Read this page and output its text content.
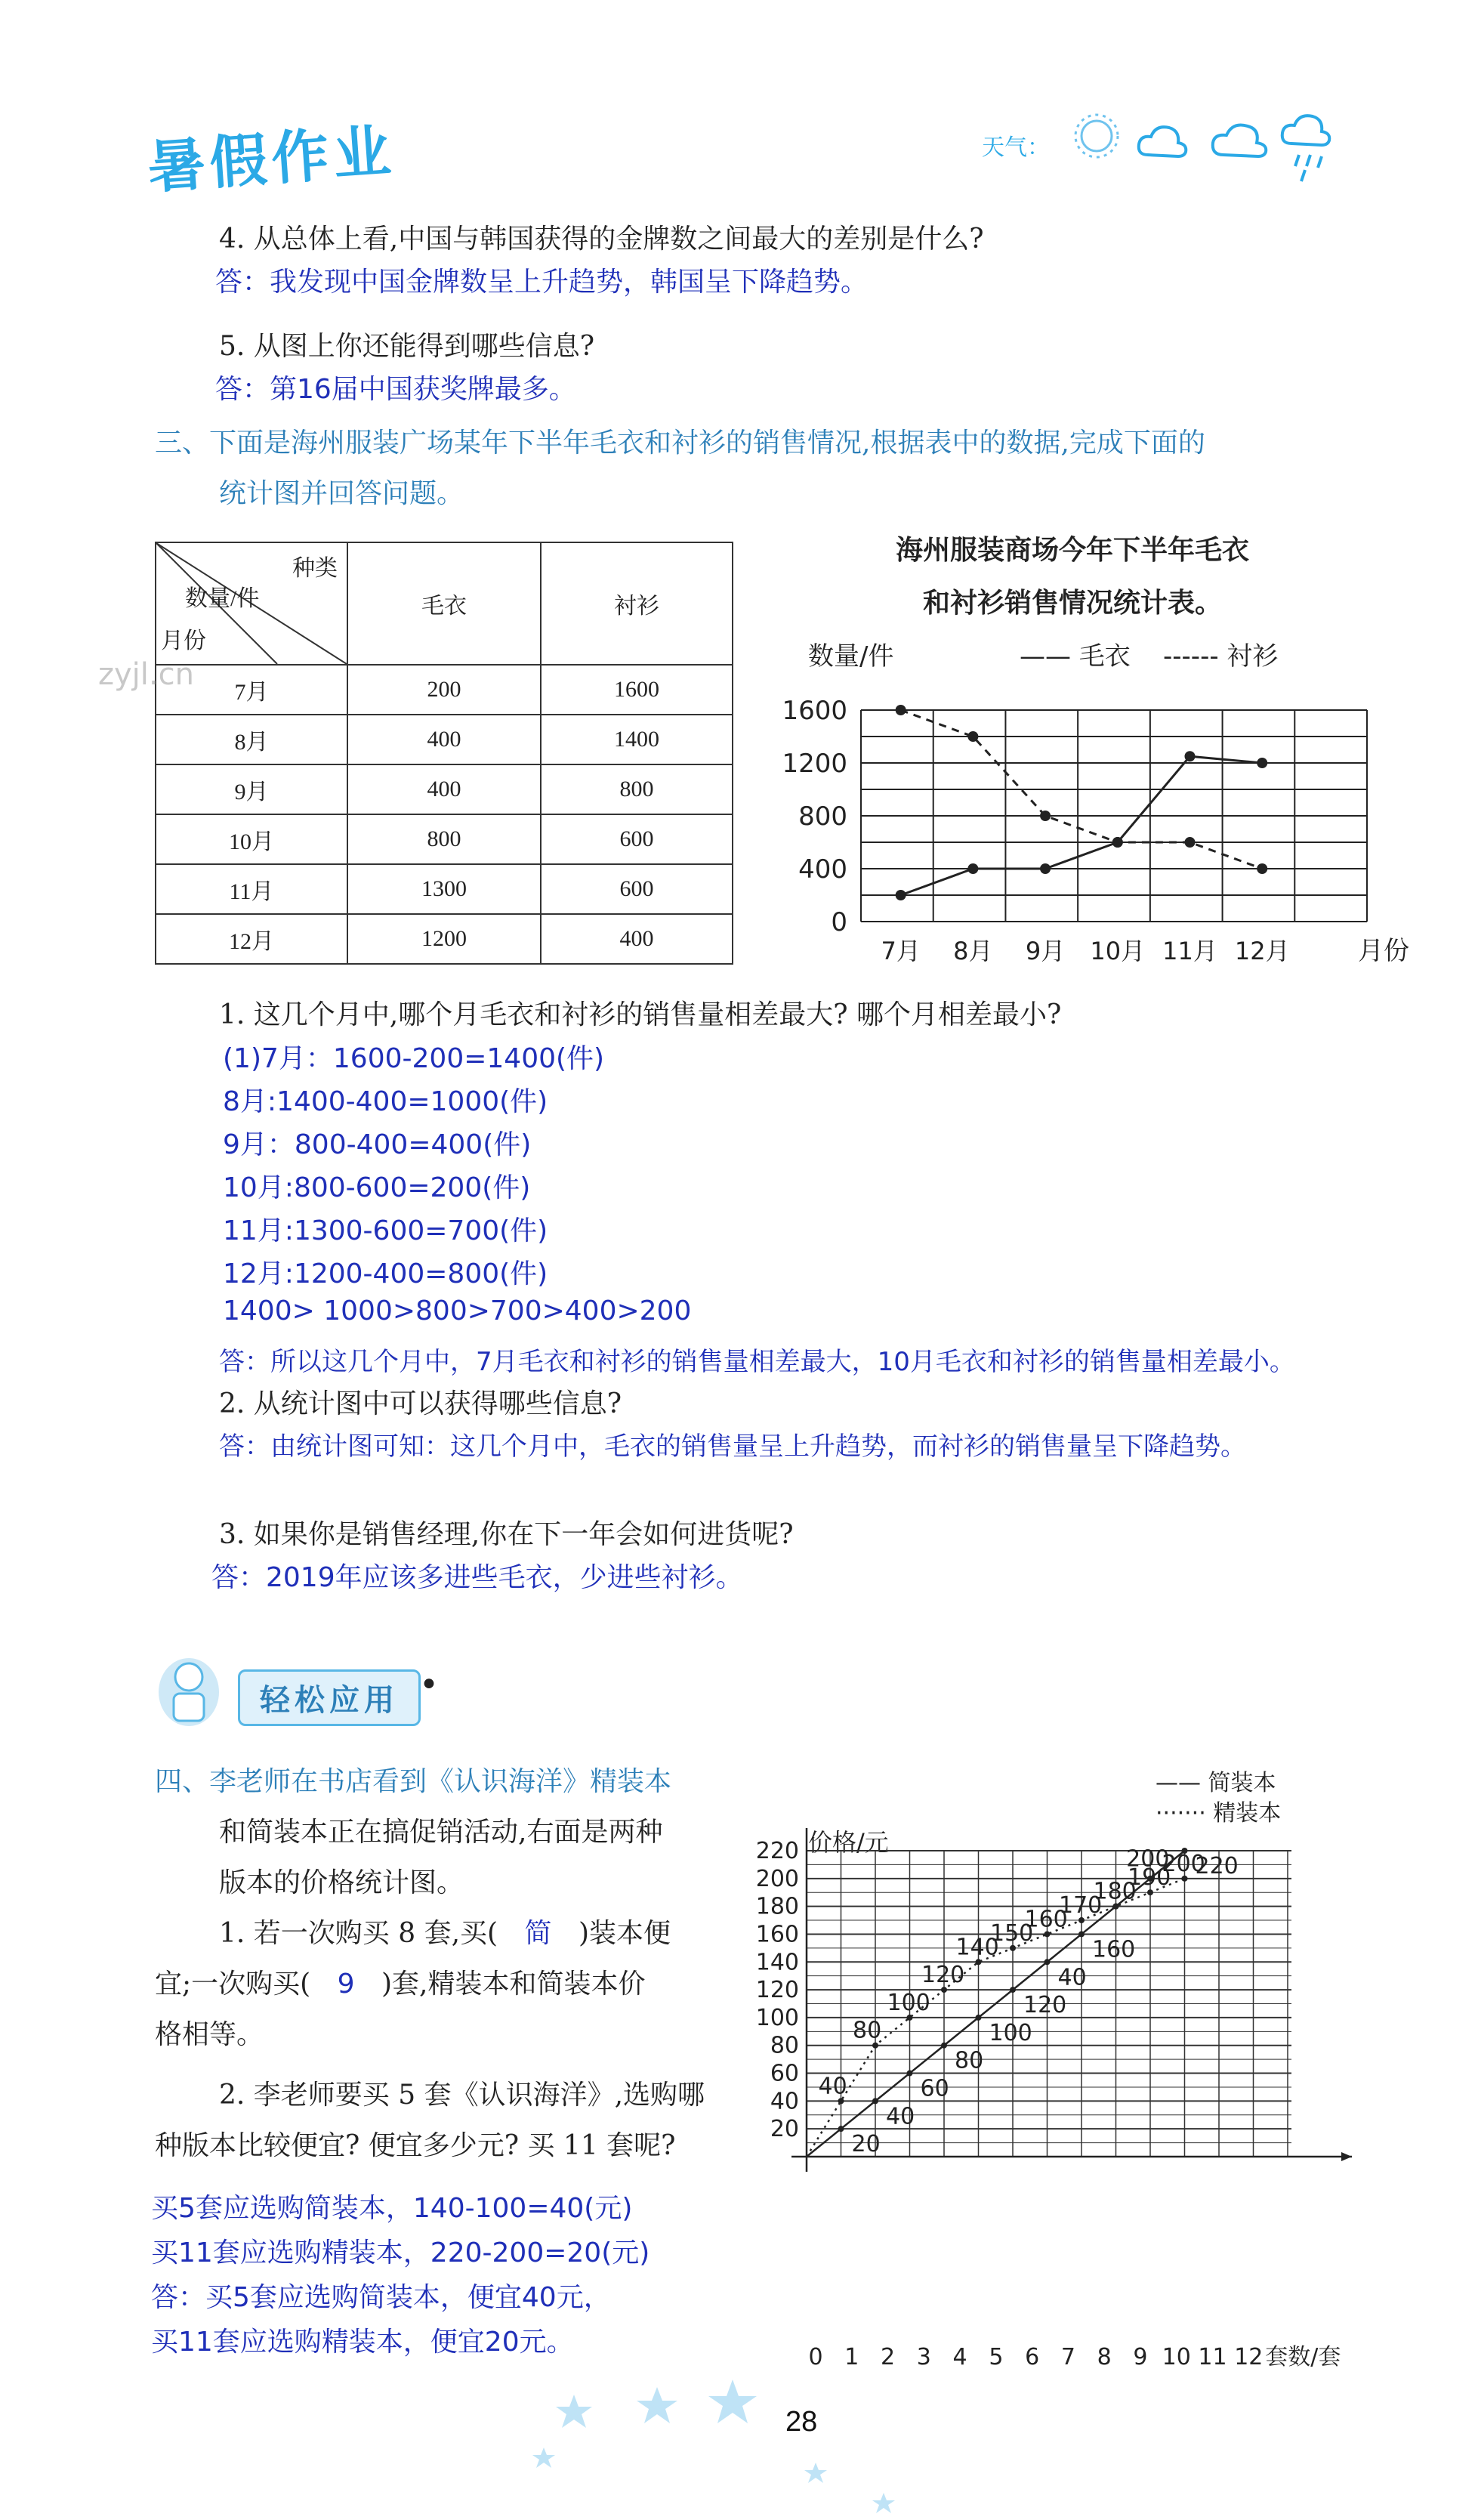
暑假作业	天气：
4. 从总体上看,中国与韩国获得的金牌数之间最大的差别是什么?
答：我发现中国金牌数呈上升趋势，韩国呈下降趋势。
5. 从图上你还能得到哪些信息?
答：第16届中国获奖牌最多。
三、下面是海州服装广场某年下半年毛衣和衬衫的销售情况,根据表中的数据,完成下面的
统计图并回答问题。
种类
数量/件
月份	毛衣	衬衫
7月	200	1600
8月	400	1400
9月	400	800
10月	800	600
11月	1300	600
12月	1200	400
zyjl.cn
海州服装商场今年下半年毛衣
和衬衫销售情况统计表。
数量/件	—— 毛衣 ------ 衬衫
0
400
800
1200
1600
7月 8月 9月 10月 11月 12月	月份
1. 这几个月中,哪个月毛衣和衬衫的销售量相差最大? 哪个月相差最小?
(1)7月：1600-200=1400(件)
8月:1400-400=1000(件)
9月：800-400=400(件)
10月:800-600=200(件)
11月:1300-600=700(件)
12月:1200-400=800(件)
1400> 1000>800>700>400>200
答：所以这几个月中，7月毛衣和衬衫的销售量相差最大，10月毛衣和衬衫的销售量相差最小。
2. 从统计图中可以获得哪些信息?
答：由统计图可知：这几个月中，毛衣的销售量呈上升趋势，而衬衫的销售量呈下降趋势。
3. 如果你是销售经理,你在下一年会如何进货呢?
答：2019年应该多进些毛衣，少进些衬衫。
轻松应用 •
四、李老师在书店看到《认识海洋》精装本
和简装本正在搞促销活动,右面是两种
版本的价格统计图。
1. 若一次购买 8 套,买( 简 )装本便
宜;一次购买( 9 )套,精装本和简装本价
格相等。
2. 李老师要买 5 套《认识海洋》,选购哪
种版本比较便宜? 便宜多少元? 买 11 套呢?
买5套应选购简装本，140-100=40(元)
买11套应选购精装本，220-200=20(元)
答：买5套应选购简装本，便宜40元，
买11套应选购精装本，便宜20元。
价格/元
—— 简装本
······· 精装本
20
40
60
80
100
120
140
160
180
200
220
0 1 2 3 4 5 6 7 8 9 10 11 12 套数/套
20
40
60
80
100
120
40
160
220
40
80
100
120
140
150
160
170
180
190
200
200
28
